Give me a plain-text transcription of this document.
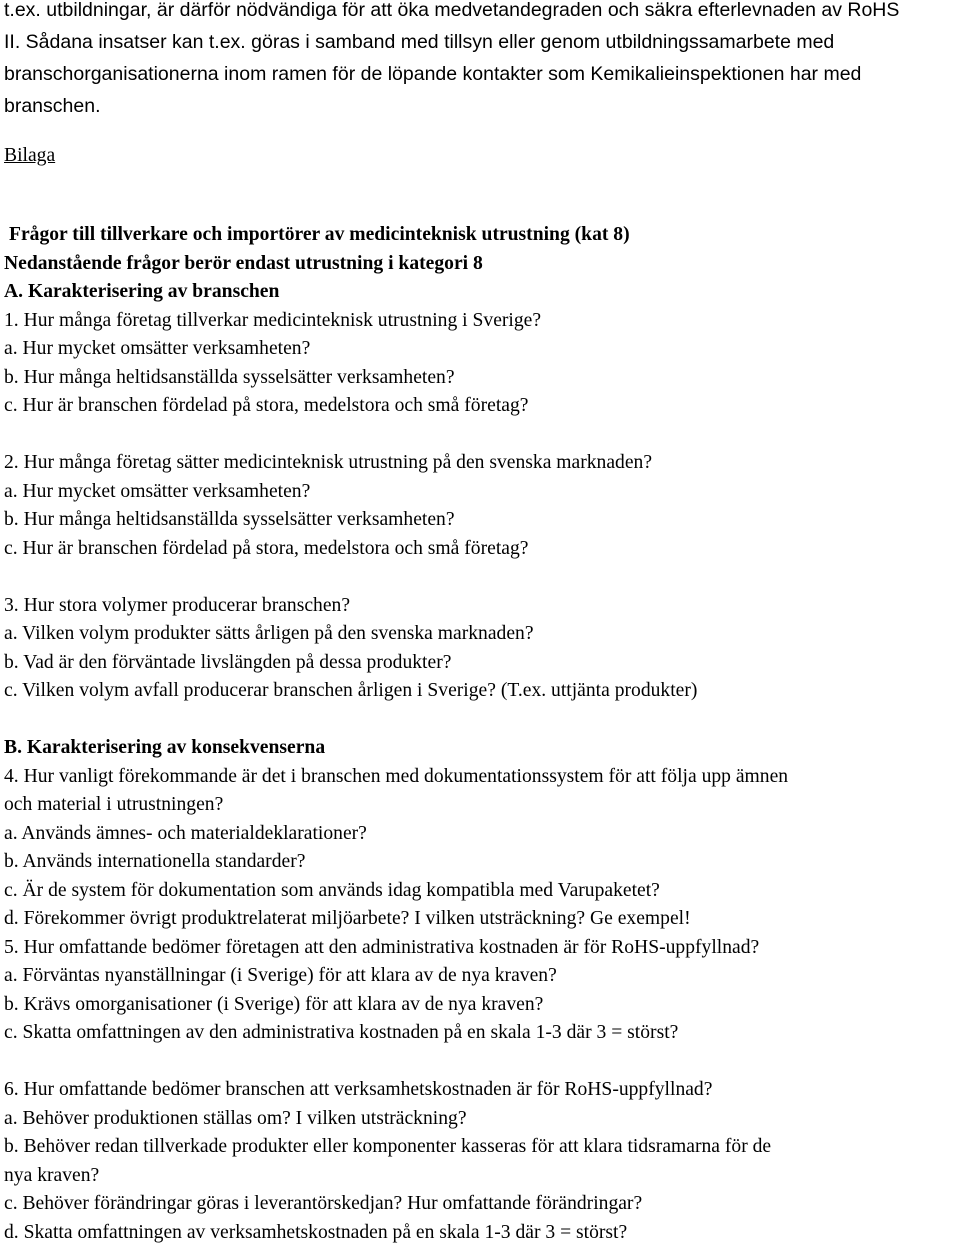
t.ex. utbildningar, är därför nödvändiga för att öka medvetandegraden och säkra efterlevnaden av RoHS
II. Sådana insatser kan t.ex. göras i samband med tillsyn eller genom utbildningssamarbete med
branschorganisationerna inom ramen för de löpande kontakter som Kemikalieinspektionen har med
branschen.
Bilaga
Frågor till tillverkare och importörer av medicinteknisk utrustning (kat 8)
Nedanstående frågor berör endast utrustning i kategori 8
A. Karakterisering av branschen
1. Hur många företag tillverkar medicinteknisk utrustning i Sverige?
a. Hur mycket omsätter verksamheten?
b. Hur många heltidsanställda sysselsätter verksamheten?
c. Hur är branschen fördelad på stora, medelstora och små företag?
2. Hur många företag sätter medicinteknisk utrustning på den svenska marknaden?
a. Hur mycket omsätter verksamheten?
b. Hur många heltidsanställda sysselsätter verksamheten?
c. Hur är branschen fördelad på stora, medelstora och små företag?
3. Hur stora volymer producerar branschen?
a. Vilken volym produkter sätts årligen på den svenska marknaden?
b. Vad är den förväntade livslängden på dessa produkter?
c. Vilken volym avfall producerar branschen årligen i Sverige? (T.ex. uttjänta produkter)
B. Karakterisering av konsekvenserna
4. Hur vanligt förekommande är det i branschen med dokumentationssystem för att följa upp ämnen
och material i utrustningen?
a. Används ämnes- och materialdeklarationer?
b. Används internationella standarder?
c. Är de system för dokumentation som används idag kompatibla med Varupaketet?
d. Förekommer övrigt produktrelaterat miljöarbete? I vilken utsträckning? Ge exempel!
5. Hur omfattande bedömer företagen att den administrativa kostnaden är för RoHS-uppfyllnad?
a. Förväntas nyanställningar (i Sverige) för att klara av de nya kraven?
b. Krävs omorganisationer (i Sverige) för att klara av de nya kraven?
c. Skatta omfattningen av den administrativa kostnaden på en skala 1-3 där 3 = störst?
6. Hur omfattande bedömer branschen att verksamhetskostnaden är för RoHS-uppfyllnad?
a. Behöver produktionen ställas om? I vilken utsträckning?
b. Behöver redan tillverkade produkter eller komponenter kasseras för att klara tidsramarna för de
nya kraven?
c. Behöver förändringar göras i leverantörskedjan? Hur omfattande förändringar?
d. Skatta omfattningen av verksamhetskostnaden på en skala 1-3 där 3 = störst?
